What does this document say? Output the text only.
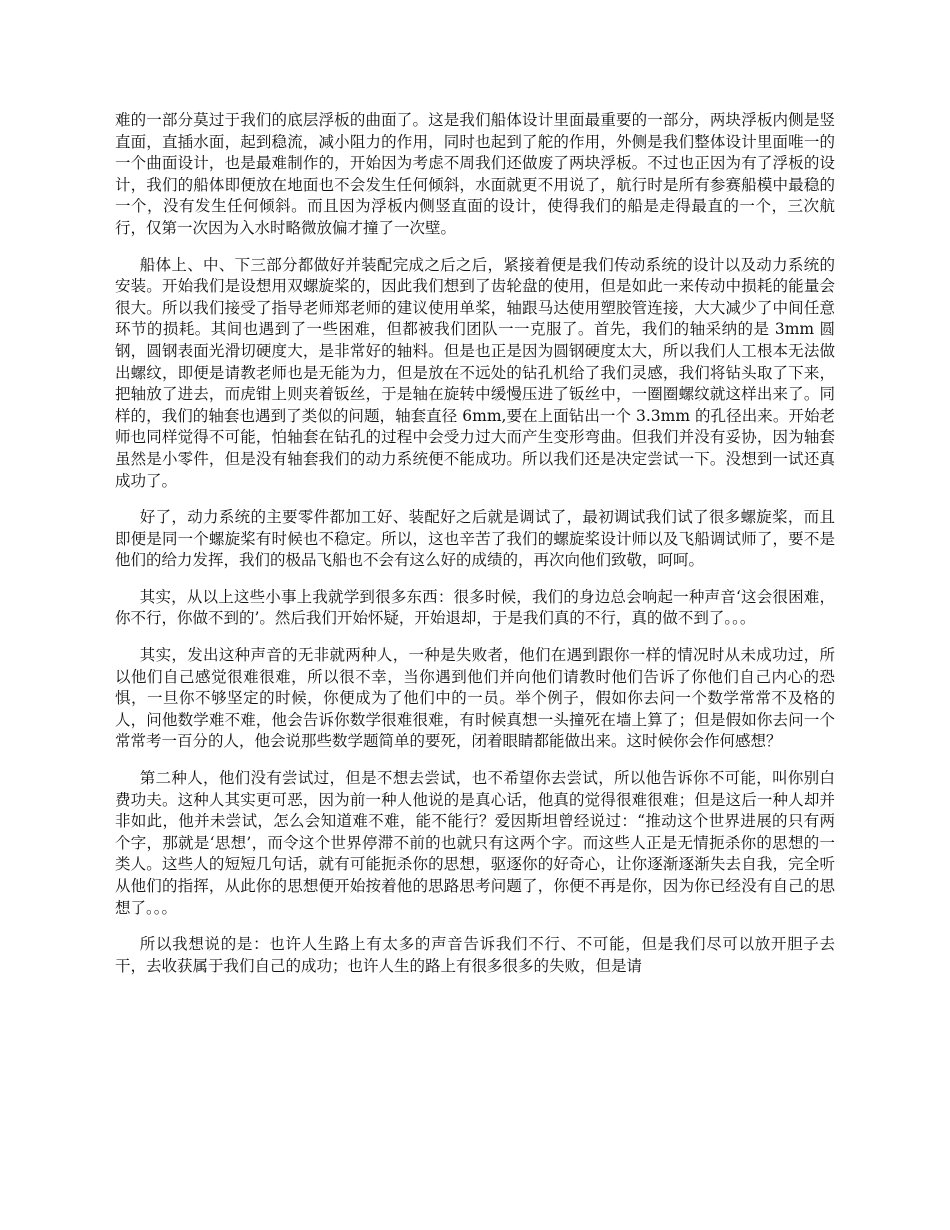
难的一部分莫过于我们的底层浮板的曲面了。这是我们船体设计里面最重要的一部分，两块浮板内侧是竖直面，直插水面，起到稳流，减小阻力的作用，同时也起到了舵的作用，外侧是我们整体设计里面唯一的一个曲面设计，也是最难制作的，开始因为考虑不周我们还做废了两块浮板。不过也正因为有了浮板的设计，我们的船体即便放在地面也不会发生任何倾斜，水面就更不用说了，航行时是所有参赛船模中最稳的一个，没有发生任何倾斜。而且因为浮板内侧竖直面的设计，使得我们的船是走得最直的一个，三次航行，仅第一次因为入水时略微放偏才撞了一次壁。

船体上、中、下三部分都做好并装配完成之后之后，紧接着便是我们传动系统的设计以及动力系统的安装。开始我们是设想用双螺旋桨的，因此我们想到了齿轮盘的使用，但是如此一来传动中损耗的能量会很大。所以我们接受了指导老师郑老师的建议使用单桨，轴跟马达使用塑胶管连接，大大减少了中间任意环节的损耗。其间也遇到了一些困难，但都被我们团队一一克服了。首先，我们的轴采纳的是 3mm 圆钢，圆钢表面光滑切硬度大，是非常好的轴料。但是也正是因为圆钢硬度太大，所以我们人工根本无法做出螺纹，即便是请教老师也是无能为力，但是放在不远处的钻孔机给了我们灵感，我们将钻头取了下来，把轴放了进去，而虎钳上则夹着钣丝，于是轴在旋转中缓慢压进了钣丝中，一圈圈螺纹就这样出来了。同样的，我们的轴套也遇到了类似的问题，轴套直径 6mm,要在上面钻出一个 3.3mm 的孔径出来。开始老师也同样觉得不可能，怕轴套在钻孔的过程中会受力过大而产生变形弯曲。但我们并没有妥协，因为轴套虽然是小零件，但是没有轴套我们的动力系统便不能成功。所以我们还是决定尝试一下。没想到一试还真成功了。

好了，动力系统的主要零件都加工好、装配好之后就是调试了，最初调试我们试了很多螺旋桨，而且即便是同一个螺旋桨有时候也不稳定。所以，这也辛苦了我们的螺旋桨设计师以及飞船调试师了，要不是他们的给力发挥，我们的极品飞船也不会有这么好的成绩的，再次向他们致敬，呵呵。

其实，从以上这些小事上我就学到很多东西：很多时候，我们的身边总会响起一种声音‘这会很困难，你不行，你做不到的’。然后我们开始怀疑，开始退却，于是我们真的不行，真的做不到了。。。

其实，发出这种声音的无非就两种人，一种是失败者，他们在遇到跟你一样的情况时从未成功过，所以他们自己感觉很难很难，所以很不幸，当你遇到他们并向他们请教时他们告诉了你他们自己内心的恐惧，一旦你不够坚定的时候，你便成为了他们中的一员。举个例子，假如你去问一个数学常常不及格的人，问他数学难不难，他会告诉你数学很难很难，有时候真想一头撞死在墙上算了；但是假如你去问一个常常考一百分的人，他会说那些数学题简单的要死，闭着眼睛都能做出来。这时候你会作何感想？

第二种人，他们没有尝试过，但是不想去尝试，也不希望你去尝试，所以他告诉你不可能，叫你别白费功夫。这种人其实更可恶，因为前一种人他说的是真心话，他真的觉得很难很难；但是这后一种人却并非如此，他并未尝试，怎么会知道难不难，能不能行？爱因斯坦曾经说过：“推动这个世界进展的只有两个字，那就是‘思想’，而令这个世界停滞不前的也就只有这两个字。而这些人正是无情扼杀你的思想的一类人。这些人的短短几句话，就有可能扼杀你的思想，驱逐你的好奇心，让你逐渐逐渐失去自我，完全听从他们的指挥，从此你的思想便开始按着他的思路思考问题了，你便不再是你，因为你已经没有自己的思想了。。。

所以我想说的是：也许人生路上有太多的声音告诉我们不行、不可能，但是我们尽可以放开胆子去干，去收获属于我们自己的成功；也许人生的路上有很多很多的失败，但是请
